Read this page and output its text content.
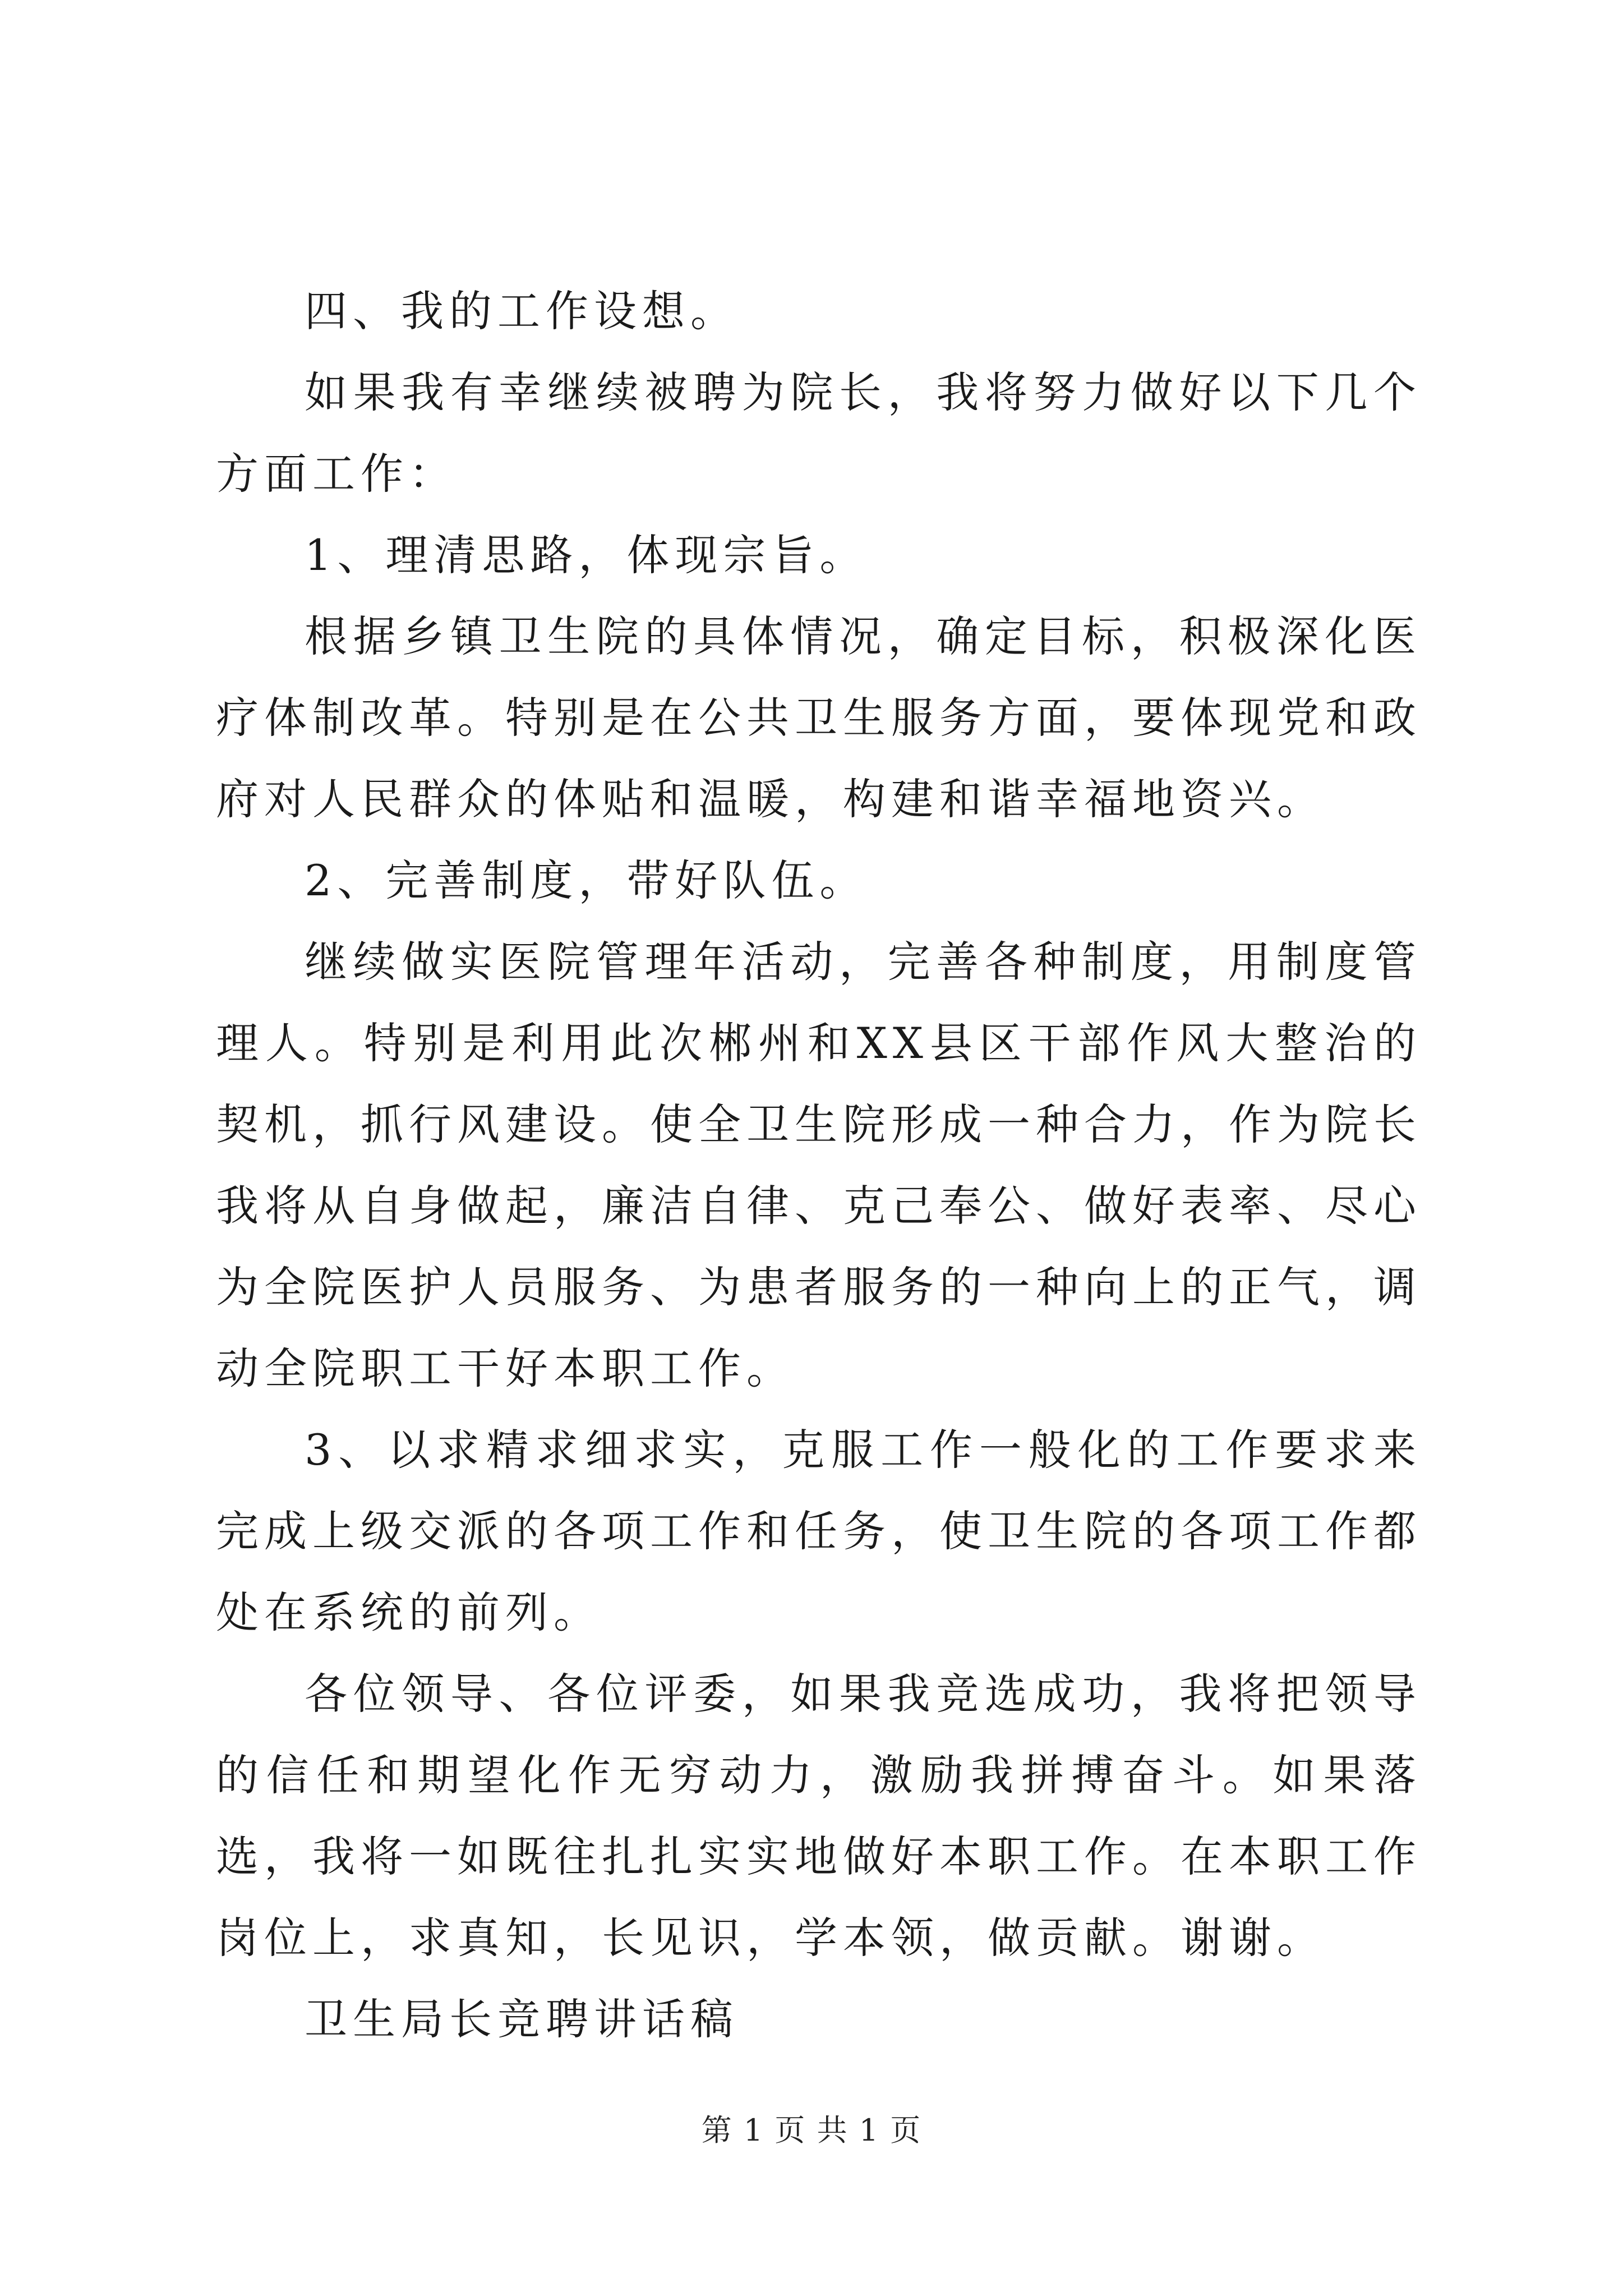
四、我的工作设想。

如果我有幸继续被聘为院长，我将努力做好以下几个方面工作：

1、理清思路，体现宗旨。

根据乡镇卫生院的具体情况，确定目标，积极深化医疗体制改革。特别是在公共卫生服务方面，要体现党和政府对人民群众的体贴和温暖，构建和谐幸福地资兴。

2、完善制度，带好队伍。

继续做实医院管理年活动，完善各种制度，用制度管理人。特别是利用此次郴州和XX县区干部作风大整治的契机，抓行风建设。使全卫生院形成一种合力，作为院长我将从自身做起，廉洁自律、克己奉公、做好表率、尽心为全院医护人员服务、为患者服务的一种向上的正气，调动全院职工干好本职工作。

3、以求精求细求实，克服工作一般化的工作要求来完成上级交派的各项工作和任务，使卫生院的各项工作都处在系统的前列。

各位领导、各位评委，如果我竞选成功，我将把领导的信任和期望化作无穷动力，激励我拼搏奋斗。如果落选，我将一如既往扎扎实实地做好本职工作。在本职工作岗位上，求真知，长见识，学本领，做贡献。谢谢。

卫生局长竞聘讲话稿

第 1 页 共 1 页
